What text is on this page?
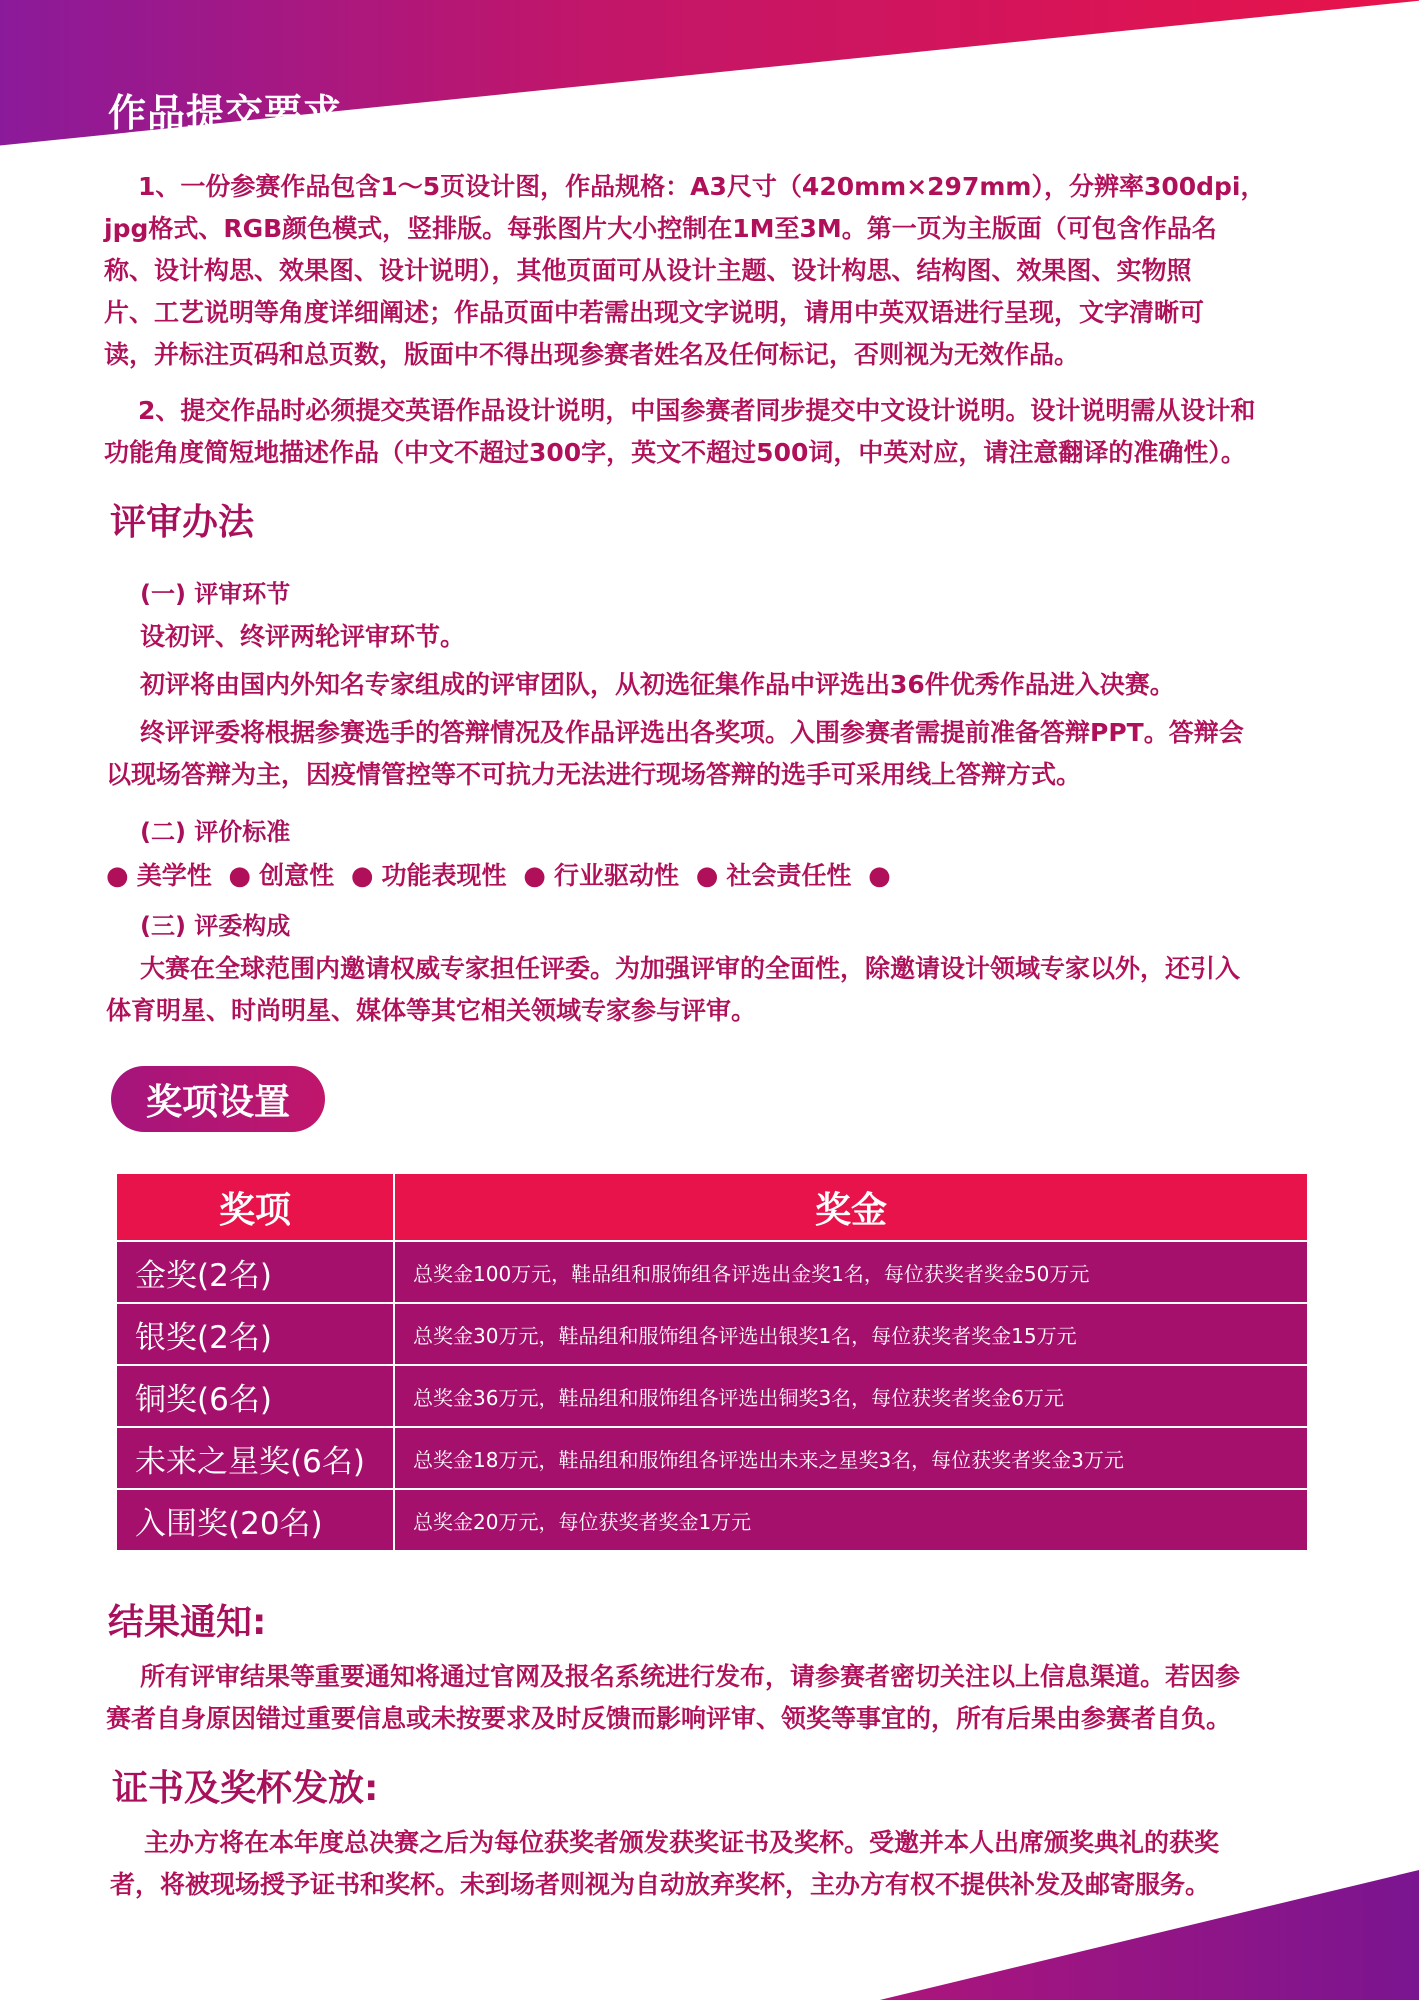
作品提交要求

1、一份参赛作品包含1～5页设计图，作品规格：A3尺寸（420mm×297mm），分辨率300dpi，
jpg格式、RGB颜色模式，竖排版。每张图片大小控制在1M至3M。第一页为主版面（可包含作品名
称、设计构思、效果图、设计说明），其他页面可从设计主题、设计构思、结构图、效果图、实物照
片、工艺说明等角度详细阐述；作品页面中若需出现文字说明，请用中英双语进行呈现，文字清晰可
读，并标注页码和总页数，版面中不得出现参赛者姓名及任何标记，否则视为无效作品。

2、提交作品时必须提交英语作品设计说明，中国参赛者同步提交中文设计说明。设计说明需从设计和
功能角度简短地描述作品（中文不超过300字，英文不超过500词，中英对应，请注意翻译的准确性）。

评审办法

(一) 评审环节

设初评、终评两轮评审环节。

初评将由国内外知名专家组成的评审团队，从初选征集作品中评选出36件优秀作品进入决赛。

终评评委将根据参赛选手的答辩情况及作品评选出各奖项。入围参赛者需提前准备答辩PPT。答辩会
以现场答辩为主，因疫情管控等不可抗力无法进行现场答辩的选手可采用线上答辩方式。

(二) 评价标准

● 美学性 ● 创意性 ● 功能表现性 ● 行业驱动性 ● 社会责任性 ●

(三) 评委构成

大赛在全球范围内邀请权威专家担任评委。为加强评审的全面性，除邀请设计领域专家以外，还引入
体育明星、时尚明星、媒体等其它相关领域专家参与评审。

奖项设置
奖项	奖金
金奖(2名)	总奖金100万元，鞋品组和服饰组各评选出金奖1名，每位获奖者奖金50万元
银奖(2名)	总奖金30万元，鞋品组和服饰组各评选出银奖1名，每位获奖者奖金15万元
铜奖(6名)	总奖金36万元，鞋品组和服饰组各评选出铜奖3名，每位获奖者奖金6万元
未来之星奖(6名)	总奖金18万元，鞋品组和服饰组各评选出未来之星奖3名，每位获奖者奖金3万元
入围奖(20名)	总奖金20万元，每位获奖者奖金1万元
结果通知:

所有评审结果等重要通知将通过官网及报名系统进行发布，请参赛者密切关注以上信息渠道。若因参
赛者自身原因错过重要信息或未按要求及时反馈而影响评审、领奖等事宜的，所有后果由参赛者自负。

证书及奖杯发放:

主办方将在本年度总决赛之后为每位获奖者颁发获奖证书及奖杯。受邀并本人出席颁奖典礼的获奖
者，将被现场授予证书和奖杯。未到场者则视为自动放弃奖杯，主办方有权不提供补发及邮寄服务。
